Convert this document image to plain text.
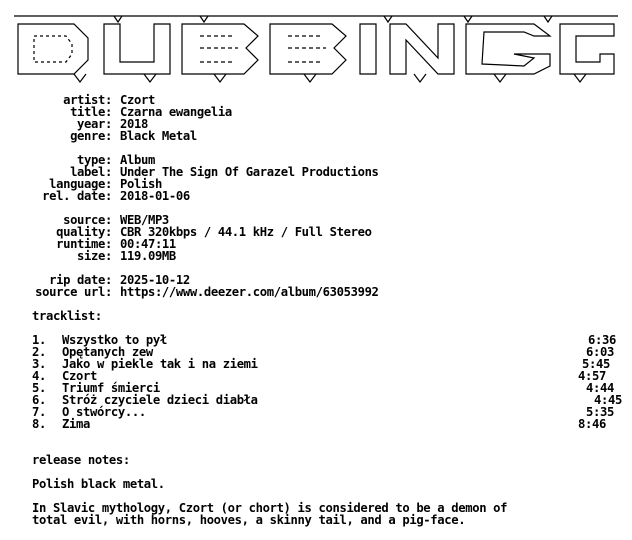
artist: Czort
title: Czarna ewangelia
year: 2018
genre: Black Metal
type: Album
label: Under The Sign Of Garazel Productions
language: Polish
rel. date: 2018-01-06
source: WEB/MP3
quality: CBR 320kbps / 44.1 kHz / Full Stereo
runtime: 00:47:11
size: 119.09MB
rip date: 2025-10-12
source url: https://www.deezer.com/album/63053992
tracklist:
1. Wszystko to pył	6:36
2. Opętanych zew	6:03
3. Jako w piekle tak i na ziemi	5:45
4. Czort	4:57
5. Triumf śmierci	4:44
6. Stróż czyciele dzieci diabła	4:45
7. O stwórcy...	5:35
8. Zima	8:46
release notes:
Polish black metal.
In Slavic mythology, Czort (or chort) is considered to be a demon of
total evil, with horns, hooves, a skinny tail, and a pig-face.
